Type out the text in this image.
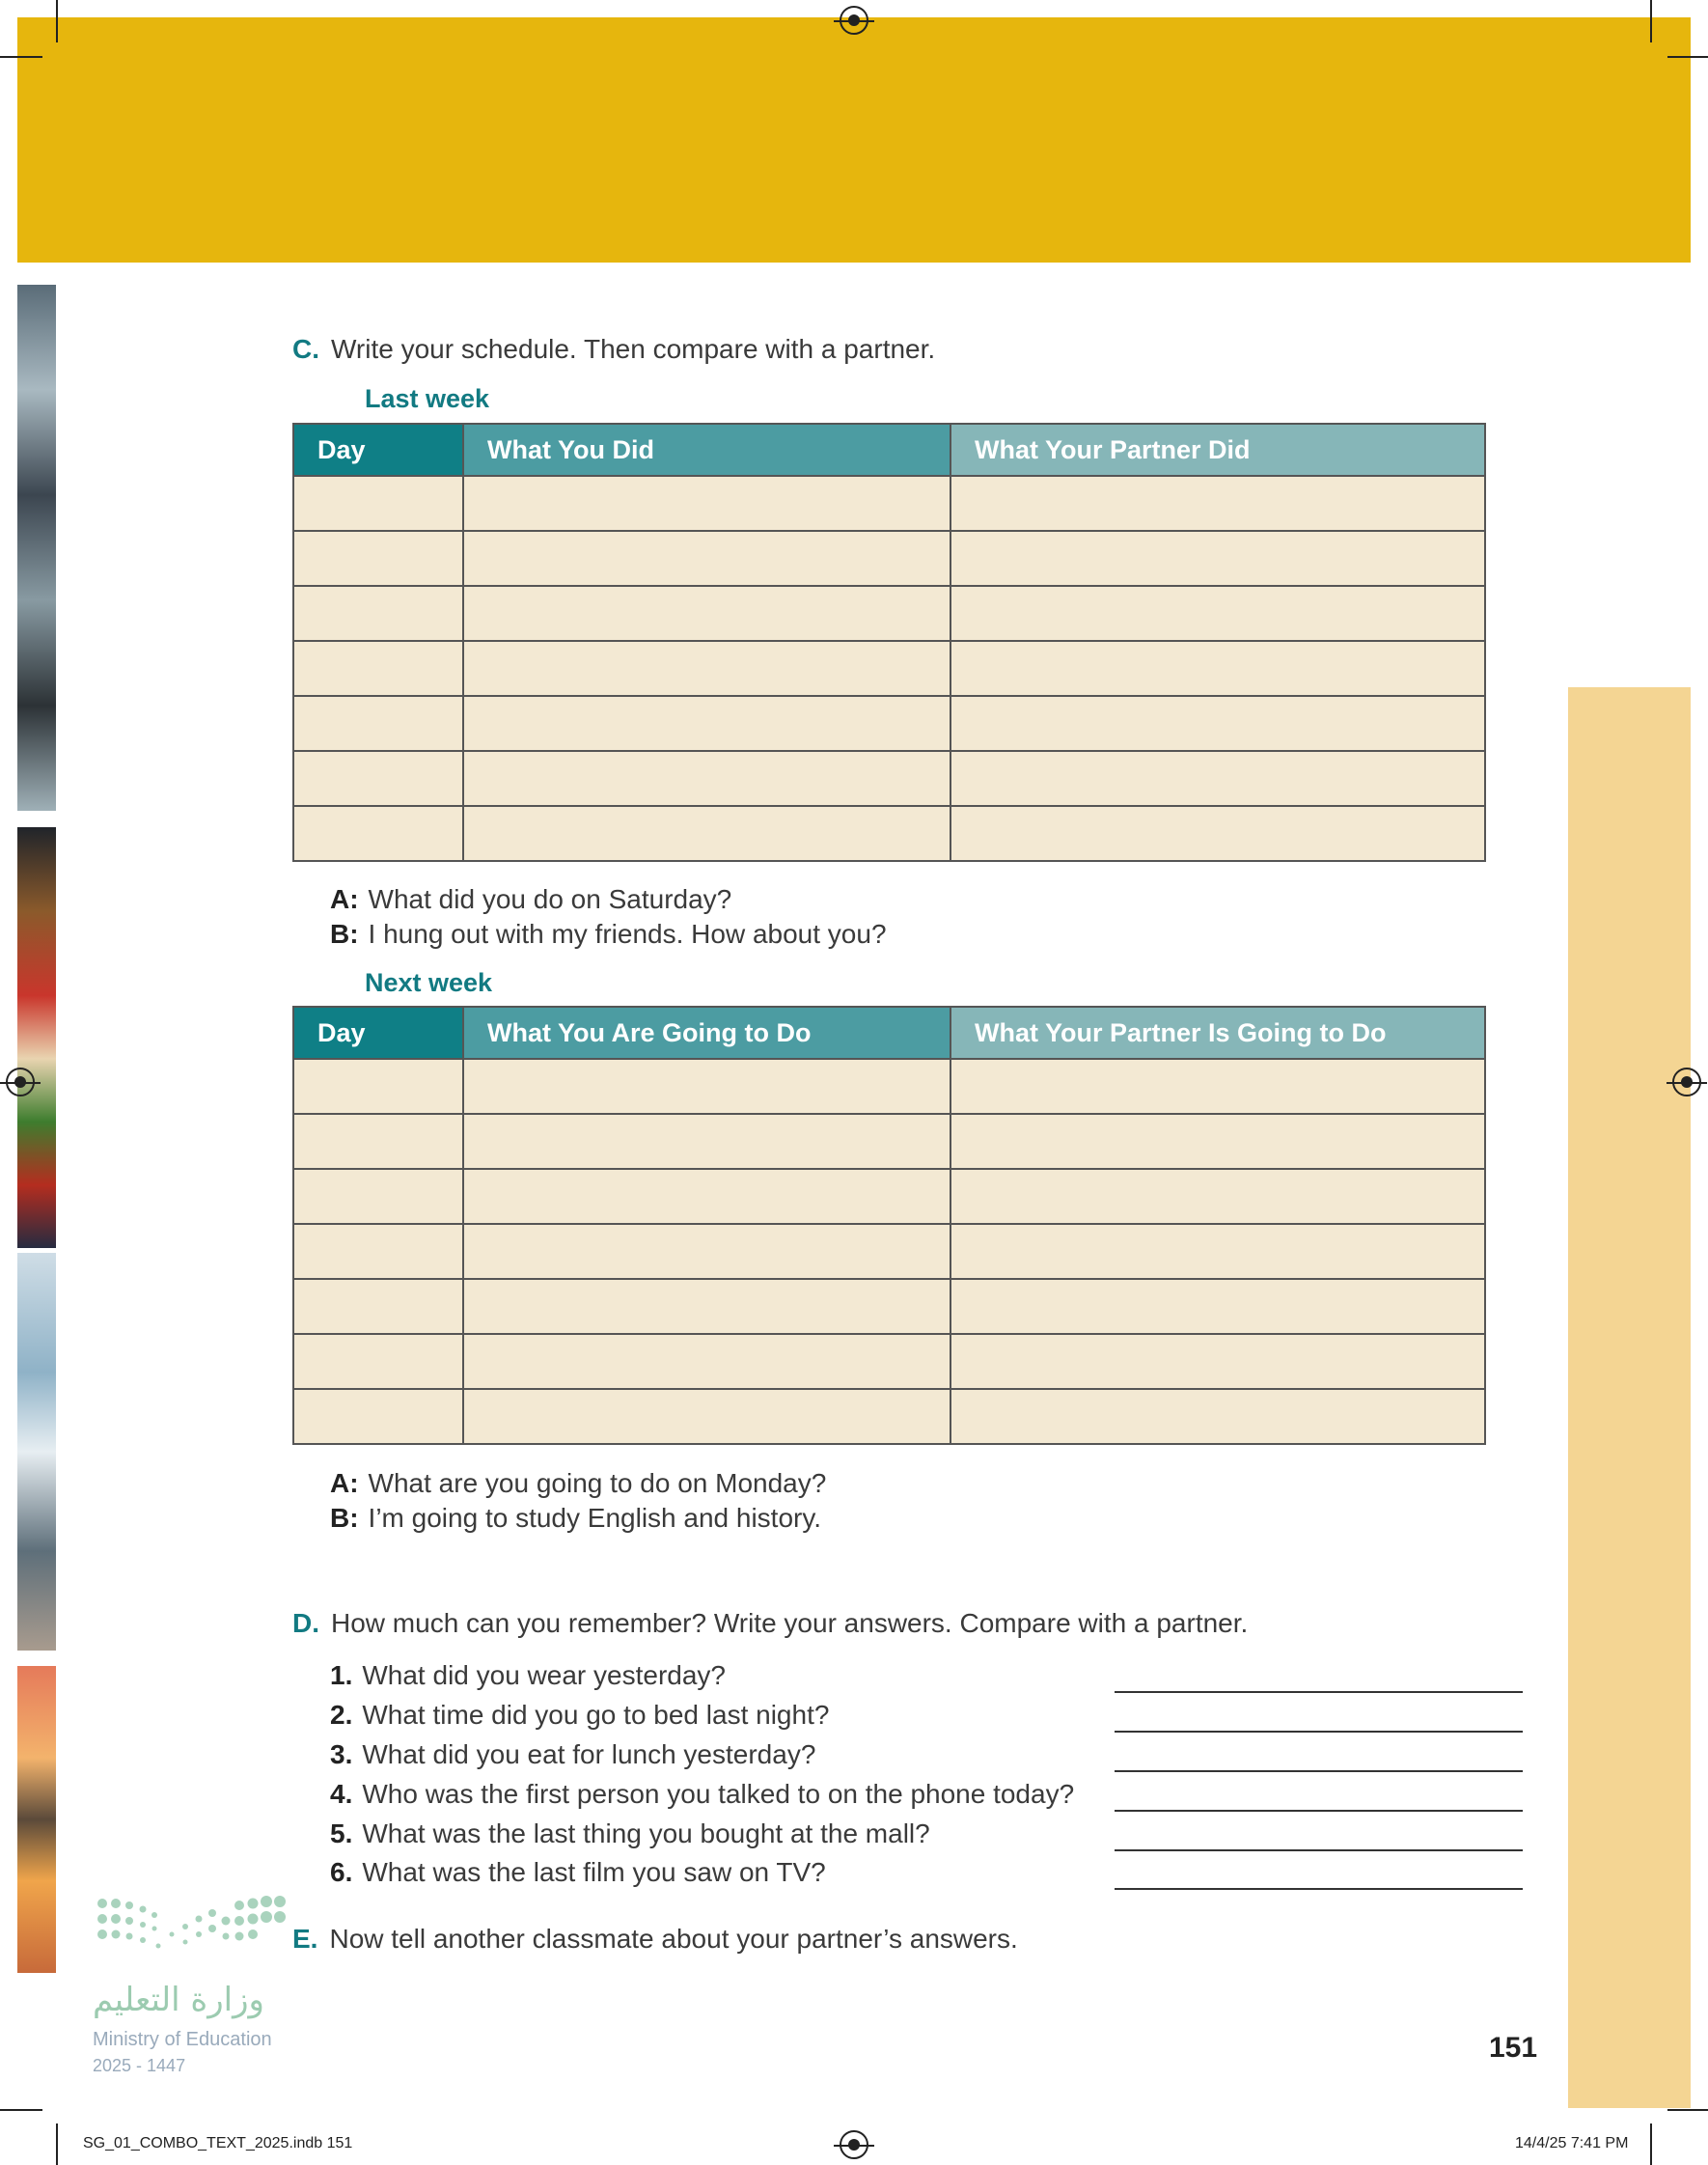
C. Write your schedule. Then compare with a partner.
Last week
Day	What You Did	What Your Partner Did

A: What did you do on Saturday?
B: I hung out with my friends. How about you?
Next week
Day	What You Are Going to Do	What Your Partner Is Going to Do

A: What are you going to do on Monday?
B: I’m going to study English and history.
D. How much can you remember? Write your answers. Compare with a partner.
1. What did you wear yesterday?
2. What time did you go to bed last night?
3. What did you eat for lunch yesterday?
4. Who was the first person you talked to on the phone today?
5. What was the last thing you bought at the mall?
6. What was the last film you saw on TV?
E. Now tell another classmate about your partner’s answers.
وزارة التعليم
Ministry of Education
2025 - 1447
151
SG_01_COMBO_TEXT_2025.indb 151	14/4/25 7:41 PM
